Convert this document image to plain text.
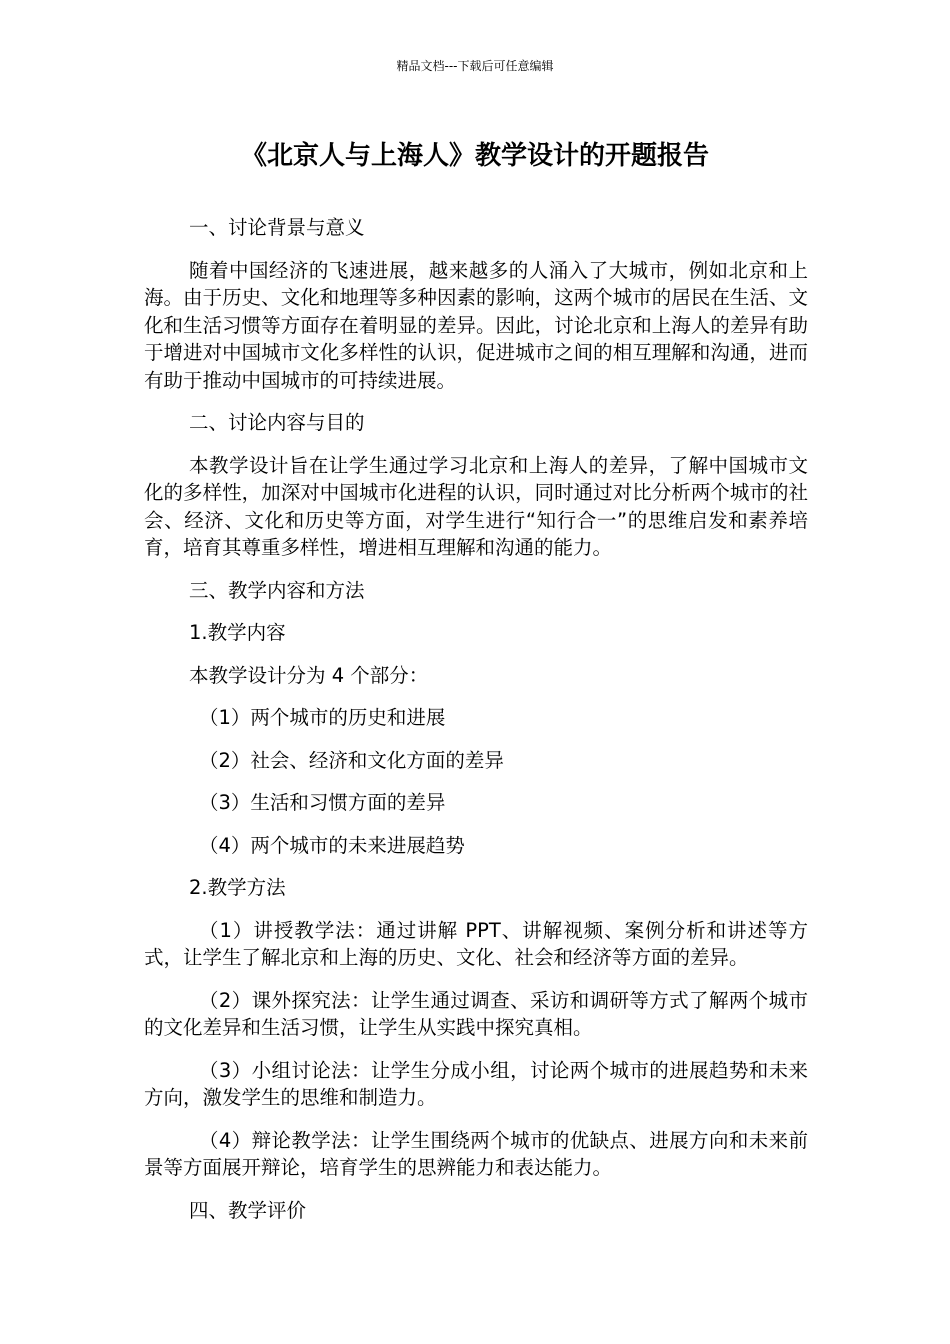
精品文档---下载后可任意编辑
《北京人与上海人》教学设计的开题报告

一、讨论背景与意义

随着中国经济的飞速进展，越来越多的人涌入了大城市，例如北京和上海。由于历史、文化和地理等多种因素的影响，这两个城市的居民在生活、文化和生活习惯等方面存在着明显的差异。因此，讨论北京和上海人的差异有助于增进对中国城市文化多样性的认识，促进城市之间的相互理解和沟通，进而有助于推动中国城市的可持续进展。

二、讨论内容与目的

本教学设计旨在让学生通过学习北京和上海人的差异，了解中国城市文化的多样性，加深对中国城市化进程的认识，同时通过对比分析两个城市的社会、经济、文化和历史等方面，对学生进行“知行合一”的思维启发和素养培育，培育其尊重多样性，增进相互理解和沟通的能力。

三、教学内容和方法

1.教学内容

本教学设计分为 4 个部分：

（1）两个城市的历史和进展

（2）社会、经济和文化方面的差异

（3）生活和习惯方面的差异

（4）两个城市的未来进展趋势

2.教学方法

（1）讲授教学法：通过讲解 PPT、讲解视频、案例分析和讲述等方式，让学生了解北京和上海的历史、文化、社会和经济等方面的差异。

（2）课外探究法：让学生通过调查、采访和调研等方式了解两个城市的文化差异和生活习惯，让学生从实践中探究真相。

（3）小组讨论法：让学生分成小组，讨论两个城市的进展趋势和未来方向，激发学生的思维和制造力。

（4）辩论教学法：让学生围绕两个城市的优缺点、进展方向和未来前景等方面展开辩论，培育学生的思辨能力和表达能力。

四、教学评价
